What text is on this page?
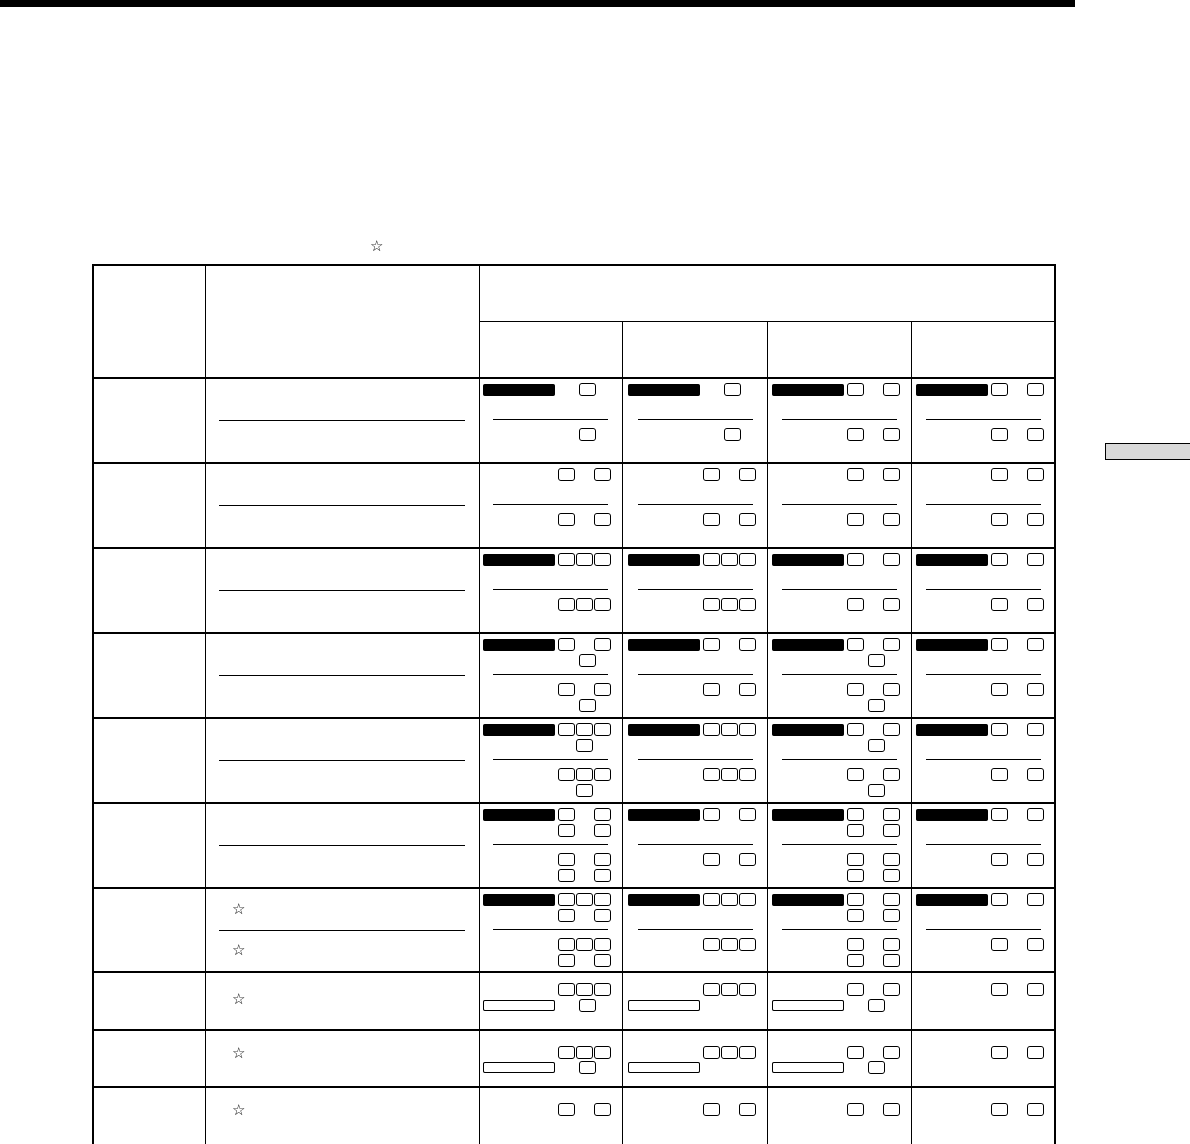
☆
☆
☆
☆
☆
☆
